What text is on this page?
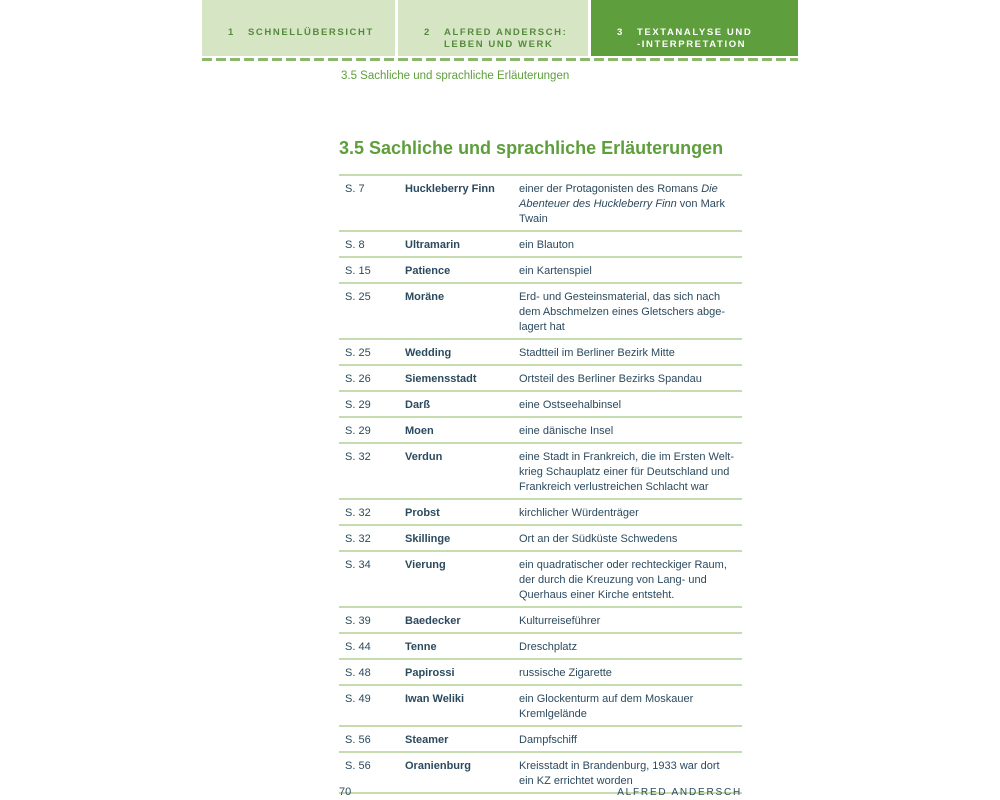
1 SCHNELLÜBERSICHT	2 ALFRED ANDERSCH:
LEBEN UND WERK
3 TEXTANALYSE UND
-INTERPRETATION
3.5 Sachliche und sprachliche Erläuterungen
3.5 Sachliche und sprachliche Erläuterungen
S. 7	Huckleberry Finn	einer der Protagonisten des Romans Die
Abenteuer des Huckleberry Finn von Mark
Twain
S. 8	Ultramarin	ein Blauton
S. 15	Patience	ein Kartenspiel
S. 25	Moräne	Erd- und Gesteinsmaterial, das sich nach
dem Abschmelzen eines Gletschers abge-
lagert hat
S. 25	Wedding	Stadtteil im Berliner Bezirk Mitte
S. 26	Siemensstadt	Ortsteil des Berliner Bezirks Spandau
S. 29	Darß	eine Ostseehalbinsel
S. 29	Moen	eine dänische Insel
S. 32	Verdun	eine Stadt in Frankreich, die im Ersten Welt-
krieg Schauplatz einer für Deutschland und
Frankreich verlustreichen Schlacht war
S. 32	Probst	kirchlicher Würdenträger
S. 32	Skillinge	Ort an der Südküste Schwedens
S. 34	Vierung	ein quadratischer oder rechteckiger Raum,
der durch die Kreuzung von Lang- und
Querhaus einer Kirche entsteht.
S. 39	Baedecker	Kulturreiseführer
S. 44	Tenne	Dreschplatz
S. 48	Papirossi	russische Zigarette
S. 49	Iwan Weliki	ein Glockenturm auf dem Moskauer
Kremlgelände
S. 56	Steamer	Dampfschiff
S. 56	Oranienburg	Kreisstadt in Brandenburg, 1933 war dort
ein KZ errichtet worden
70	ALFRED ANDERSCH
